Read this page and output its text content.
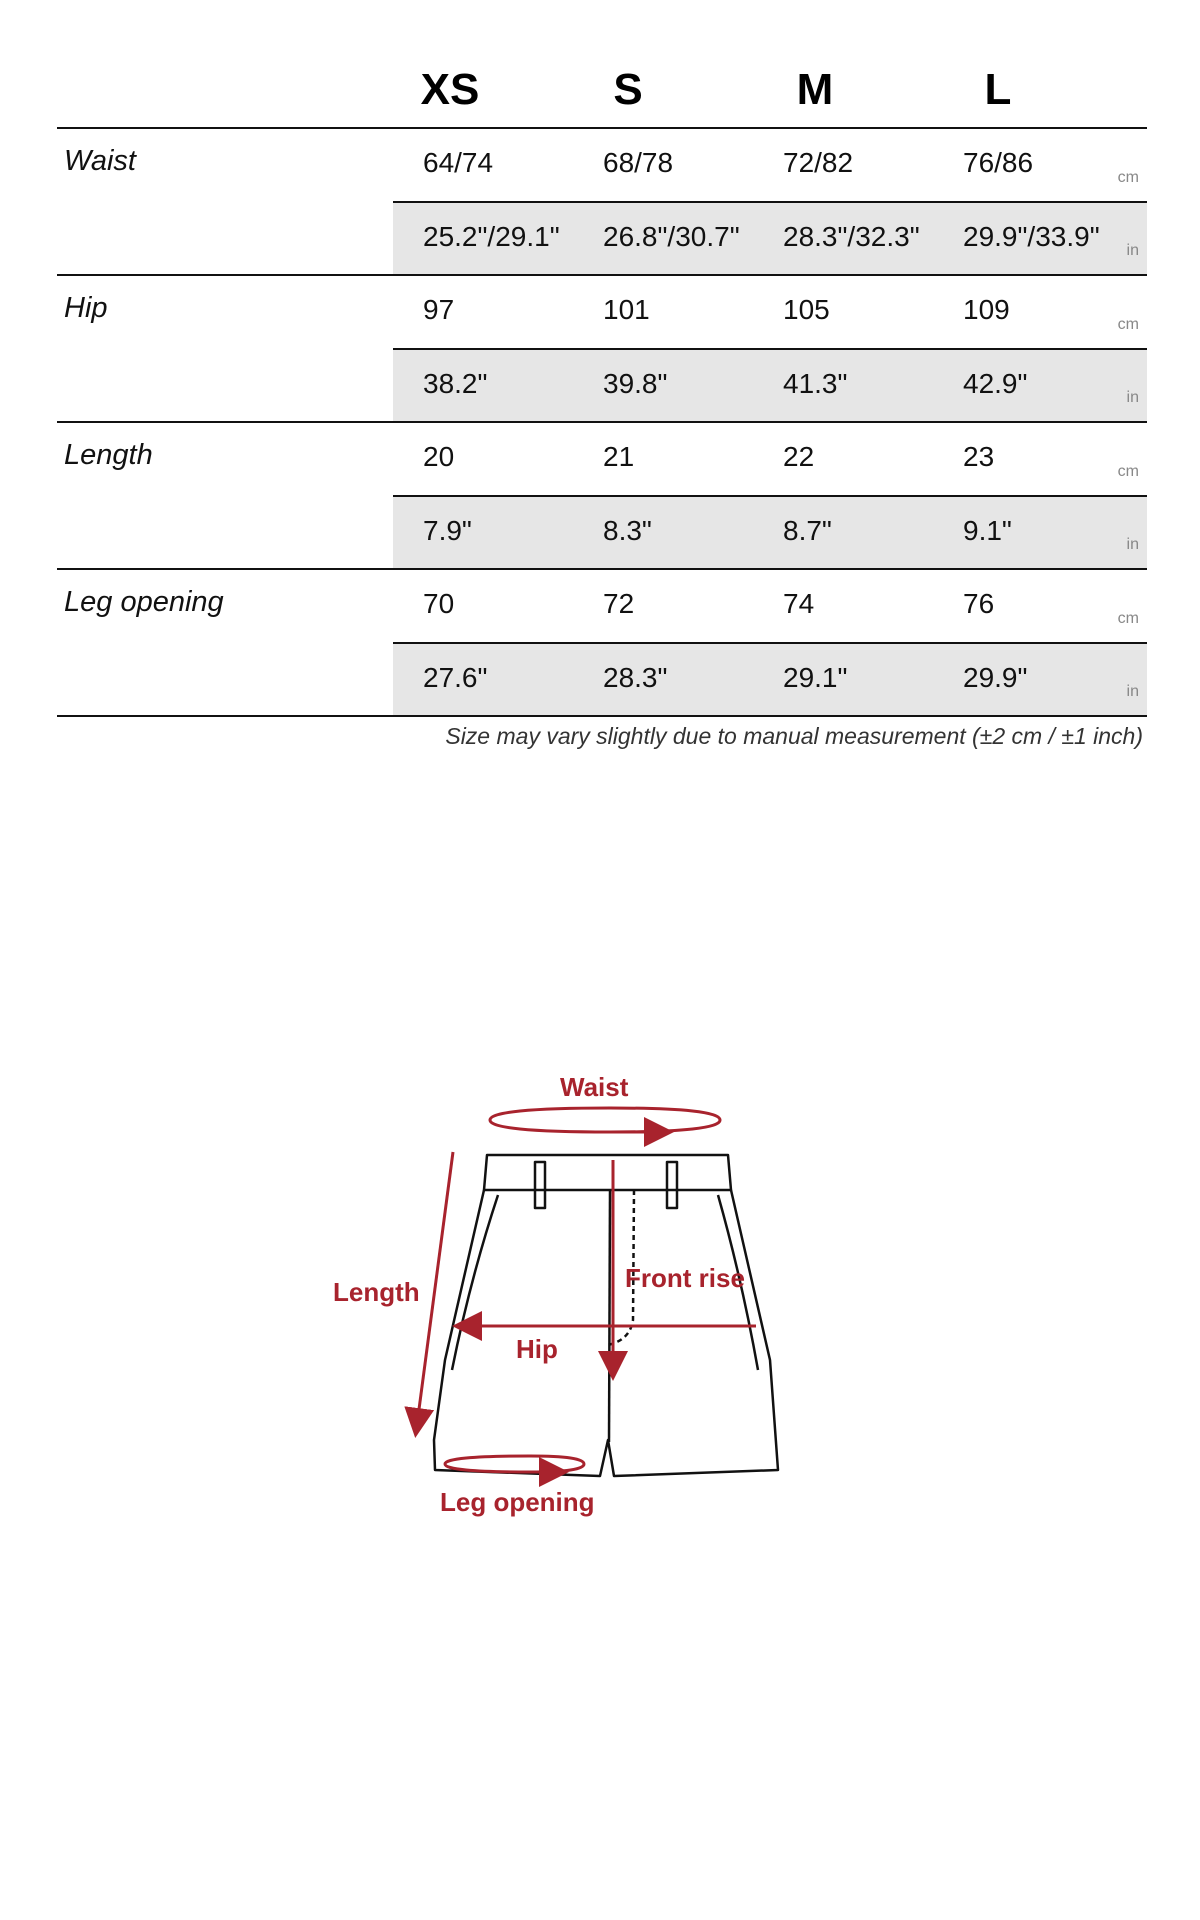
XS	S	M	L
Waist	64/74	68/78	72/82	76/86	cm
25.2"/29.1" 26.8"/30.7" 28.3"/32.3" 29.9"/33.9" in
Hip	97	101	105	109	cm
38.2"	39.8"	41.3"	42.9"	in
Length	20	21	22	23	cm
7.9"	8.3"	8.7"	9.1"	in
Leg opening	70	72	74	76	cm
27.6"	28.3"	29.1"	29.9"	in
Size may vary slightly due to manual measurement (±2 cm / ±1 inch)
Waist
Length	Front rise
Hip
Leg opening
